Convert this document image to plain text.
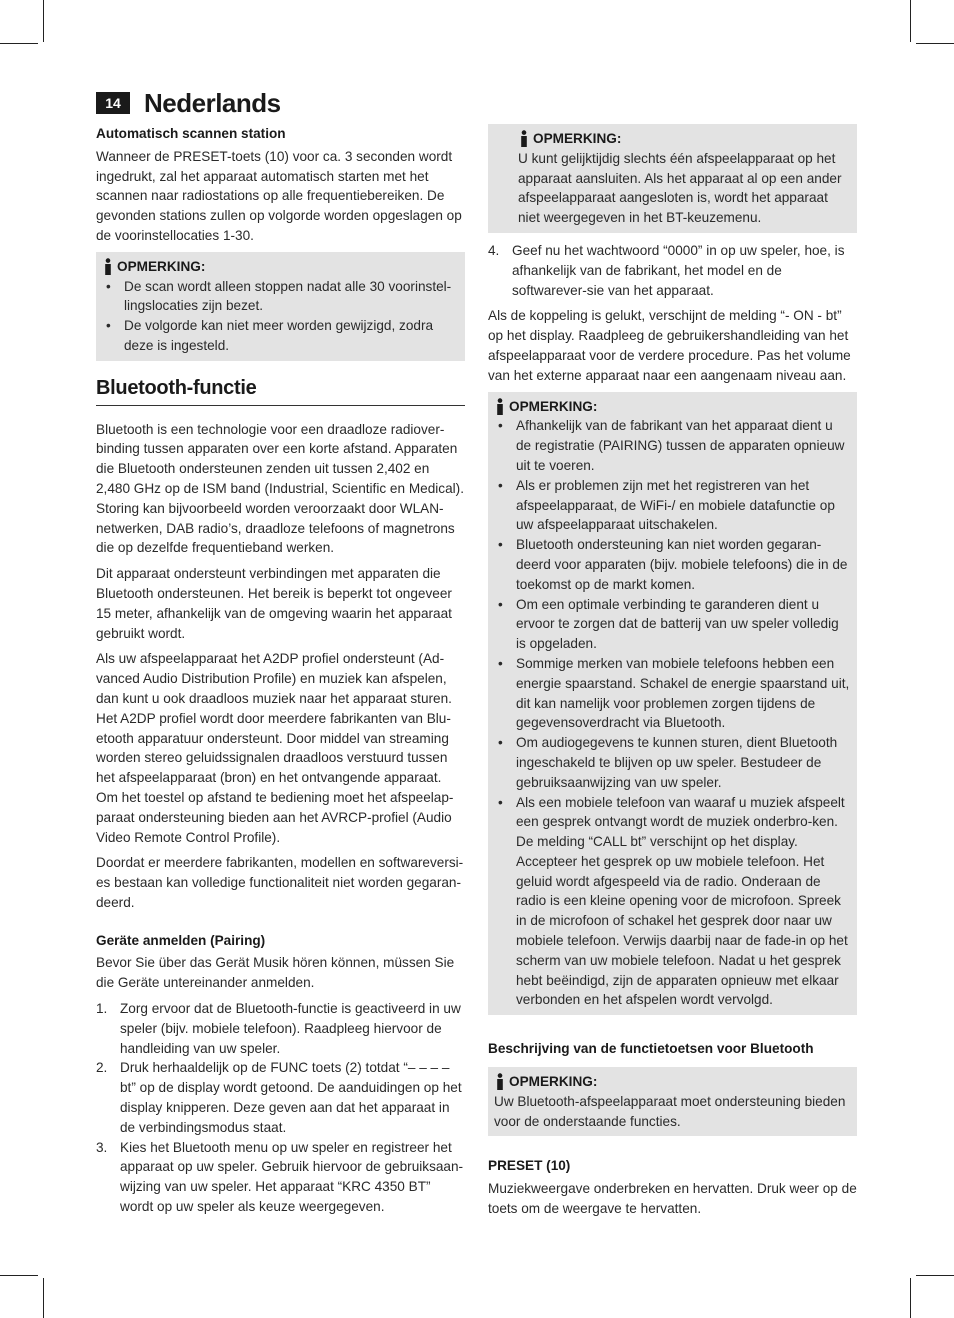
14 Nederlands
Automatisch scannen station

Wanneer de PRESET-toets (10) voor ca. 3 seconden wordt ingedrukt, zal het apparaat automatisch starten met het scannen naar radiostations op alle frequentiebereiken. De gevonden stations zullen op volgorde worden opgeslagen op de voorinstellocaties 1-30.

OPMERKING:
• De scan wordt alleen stoppen nadat alle 30 voorinstel-lingslocaties zijn bezet.
• De volgorde kan niet meer worden gewijzigd, zodra deze is ingesteld.
Bluetooth-functie

Bluetooth is een technologie voor een draadloze radiover-binding tussen apparaten over een korte afstand. Apparaten die Bluetooth ondersteunen zenden uit tussen 2,402 en 2,480 GHz op de ISM band (Industrial, Scientific en Medical). Storing kan bijvoorbeeld worden veroorzaakt door WLAN-netwerken, DAB radio’s, draadloze telefoons of magnetrons die op dezelfde frequentieband werken.

Dit apparaat ondersteunt verbindingen met apparaten die Bluetooth ondersteunen. Het bereik is beperkt tot ongeveer 15 meter, afhankelijk van de omgeving waarin het apparaat gebruikt wordt.

Als uw afspeelapparaat het A2DP profiel ondersteunt (Ad-vanced Audio Distribution Profile) en muziek kan afspelen, dan kunt u ook draadloos muziek naar het apparaat sturen. Het A2DP profiel wordt door meerdere fabrikanten van Blu-etooth apparatuur ondersteunt. Door middel van streaming worden stereo geluidssignalen draadloos verstuurd tussen het afspeelapparaat (bron) en het ontvangende apparaat. Om het toestel op afstand te bediening moet het afspeelap-paraat ondersteuning bieden aan het AVRCP-profiel (Audio Video Remote Control Profile).

Doordat er meerdere fabrikanten, modellen en softwareversi-es bestaan kan volledige functionaliteit niet worden gegaran-deerd.

Geräte anmelden (Pairing)

Bevor Sie über das Gerät Musik hören können, müssen Sie die Geräte untereinander anmelden.

1. Zorg ervoor dat de Bluetooth-functie is geactiveerd in uw speler (bijv. mobiele telefoon). Raadpleeg hiervoor de handleiding van uw speler.
2. Druk herhaaldelijk op de FUNC toets (2) totdat “– – – – bt” op de display wordt getoond. De aanduidingen op het display knipperen. Deze geven aan dat het apparaat in de verbindingsmodus staat.
3. Kies het Bluetooth menu op uw speler en registreer het apparaat op uw speler. Gebruik hiervoor de gebruiksaan-wijzing van uw speler. Het apparaat “KRC 4350 BT” wordt op uw speler als keuze weergegeven.
OPMERKING:
U kunt gelijktijdig slechts één afspeelapparaat op het apparaat aansluiten. Als het apparaat al op een ander afspeelapparaat aangesloten is, wordt het apparaat niet weergegeven in het BT-keuzemenu.
4. Geef nu het wachtwoord “0000” in op uw speler, hoe, is afhankelijk van de fabrikant, het model en de softwarever-sie van het apparaat.

Als de koppeling is gelukt, verschijnt de melding “- ON - bt” op het display. Raadpleeg de gebruikershandleiding van het afspeelapparaat voor de verdere procedure. Pas het volume van het externe apparaat naar een aangenaam niveau aan.

OPMERKING:
• Afhankelijk van de fabrikant van het apparaat dient u de registratie (PAIRING) tussen de apparaten opnieuw uit te voeren.
• Als er problemen zijn met het registreren van het afspeelapparaat, de WiFi-/ en mobiele datafunctie op uw afspeelapparaat uitschakelen.
• Bluetooth ondersteuning kan niet worden gegaran-deerd voor apparaten (bijv. mobiele telefoons) die in de toekomst op de markt komen.
• Om een optimale verbinding te garanderen dient u ervoor te zorgen dat de batterij van uw speler volledig is opgeladen.
• Sommige merken van mobiele telefoons hebben een energie spaarstand. Schakel de energie spaarstand uit, dit kan namelijk voor problemen zorgen tijdens de gegevensoverdracht via Bluetooth.
• Om audiogegevens te kunnen sturen, dient Bluetooth ingeschakeld te blijven op uw speler. Bestudeer de gebruiksaanwijzing van uw speler.
• Als een mobiele telefoon van waaraf u muziek afspeelt een gesprek ontvangt wordt de muziek onderbro-ken. De melding “CALL bt” verschijnt op het display. Accepteer het gesprek op uw mobiele telefoon. Het geluid wordt afgespeeld via de radio. Onderaan de radio is een kleine opening voor de microfoon. Spreek in de microfoon of schakel het gesprek door naar uw mobiele telefoon. Verwijs daarbij naar de fade-in op het scherm van uw mobiele telefoon. Nadat u het gesprek hebt beëindigd, zijn de apparaten opnieuw met elkaar verbonden en het afspelen wordt vervolgd.
Beschrijving van de functietoetsen voor Bluetooth
OPMERKING:
Uw Bluetooth-afspeelapparaat moet ondersteuning bieden voor de onderstaande functies.
PRESET (10)

Muziekweergave onderbreken en hervatten. Druk weer op de toets om de weergave te hervatten.
